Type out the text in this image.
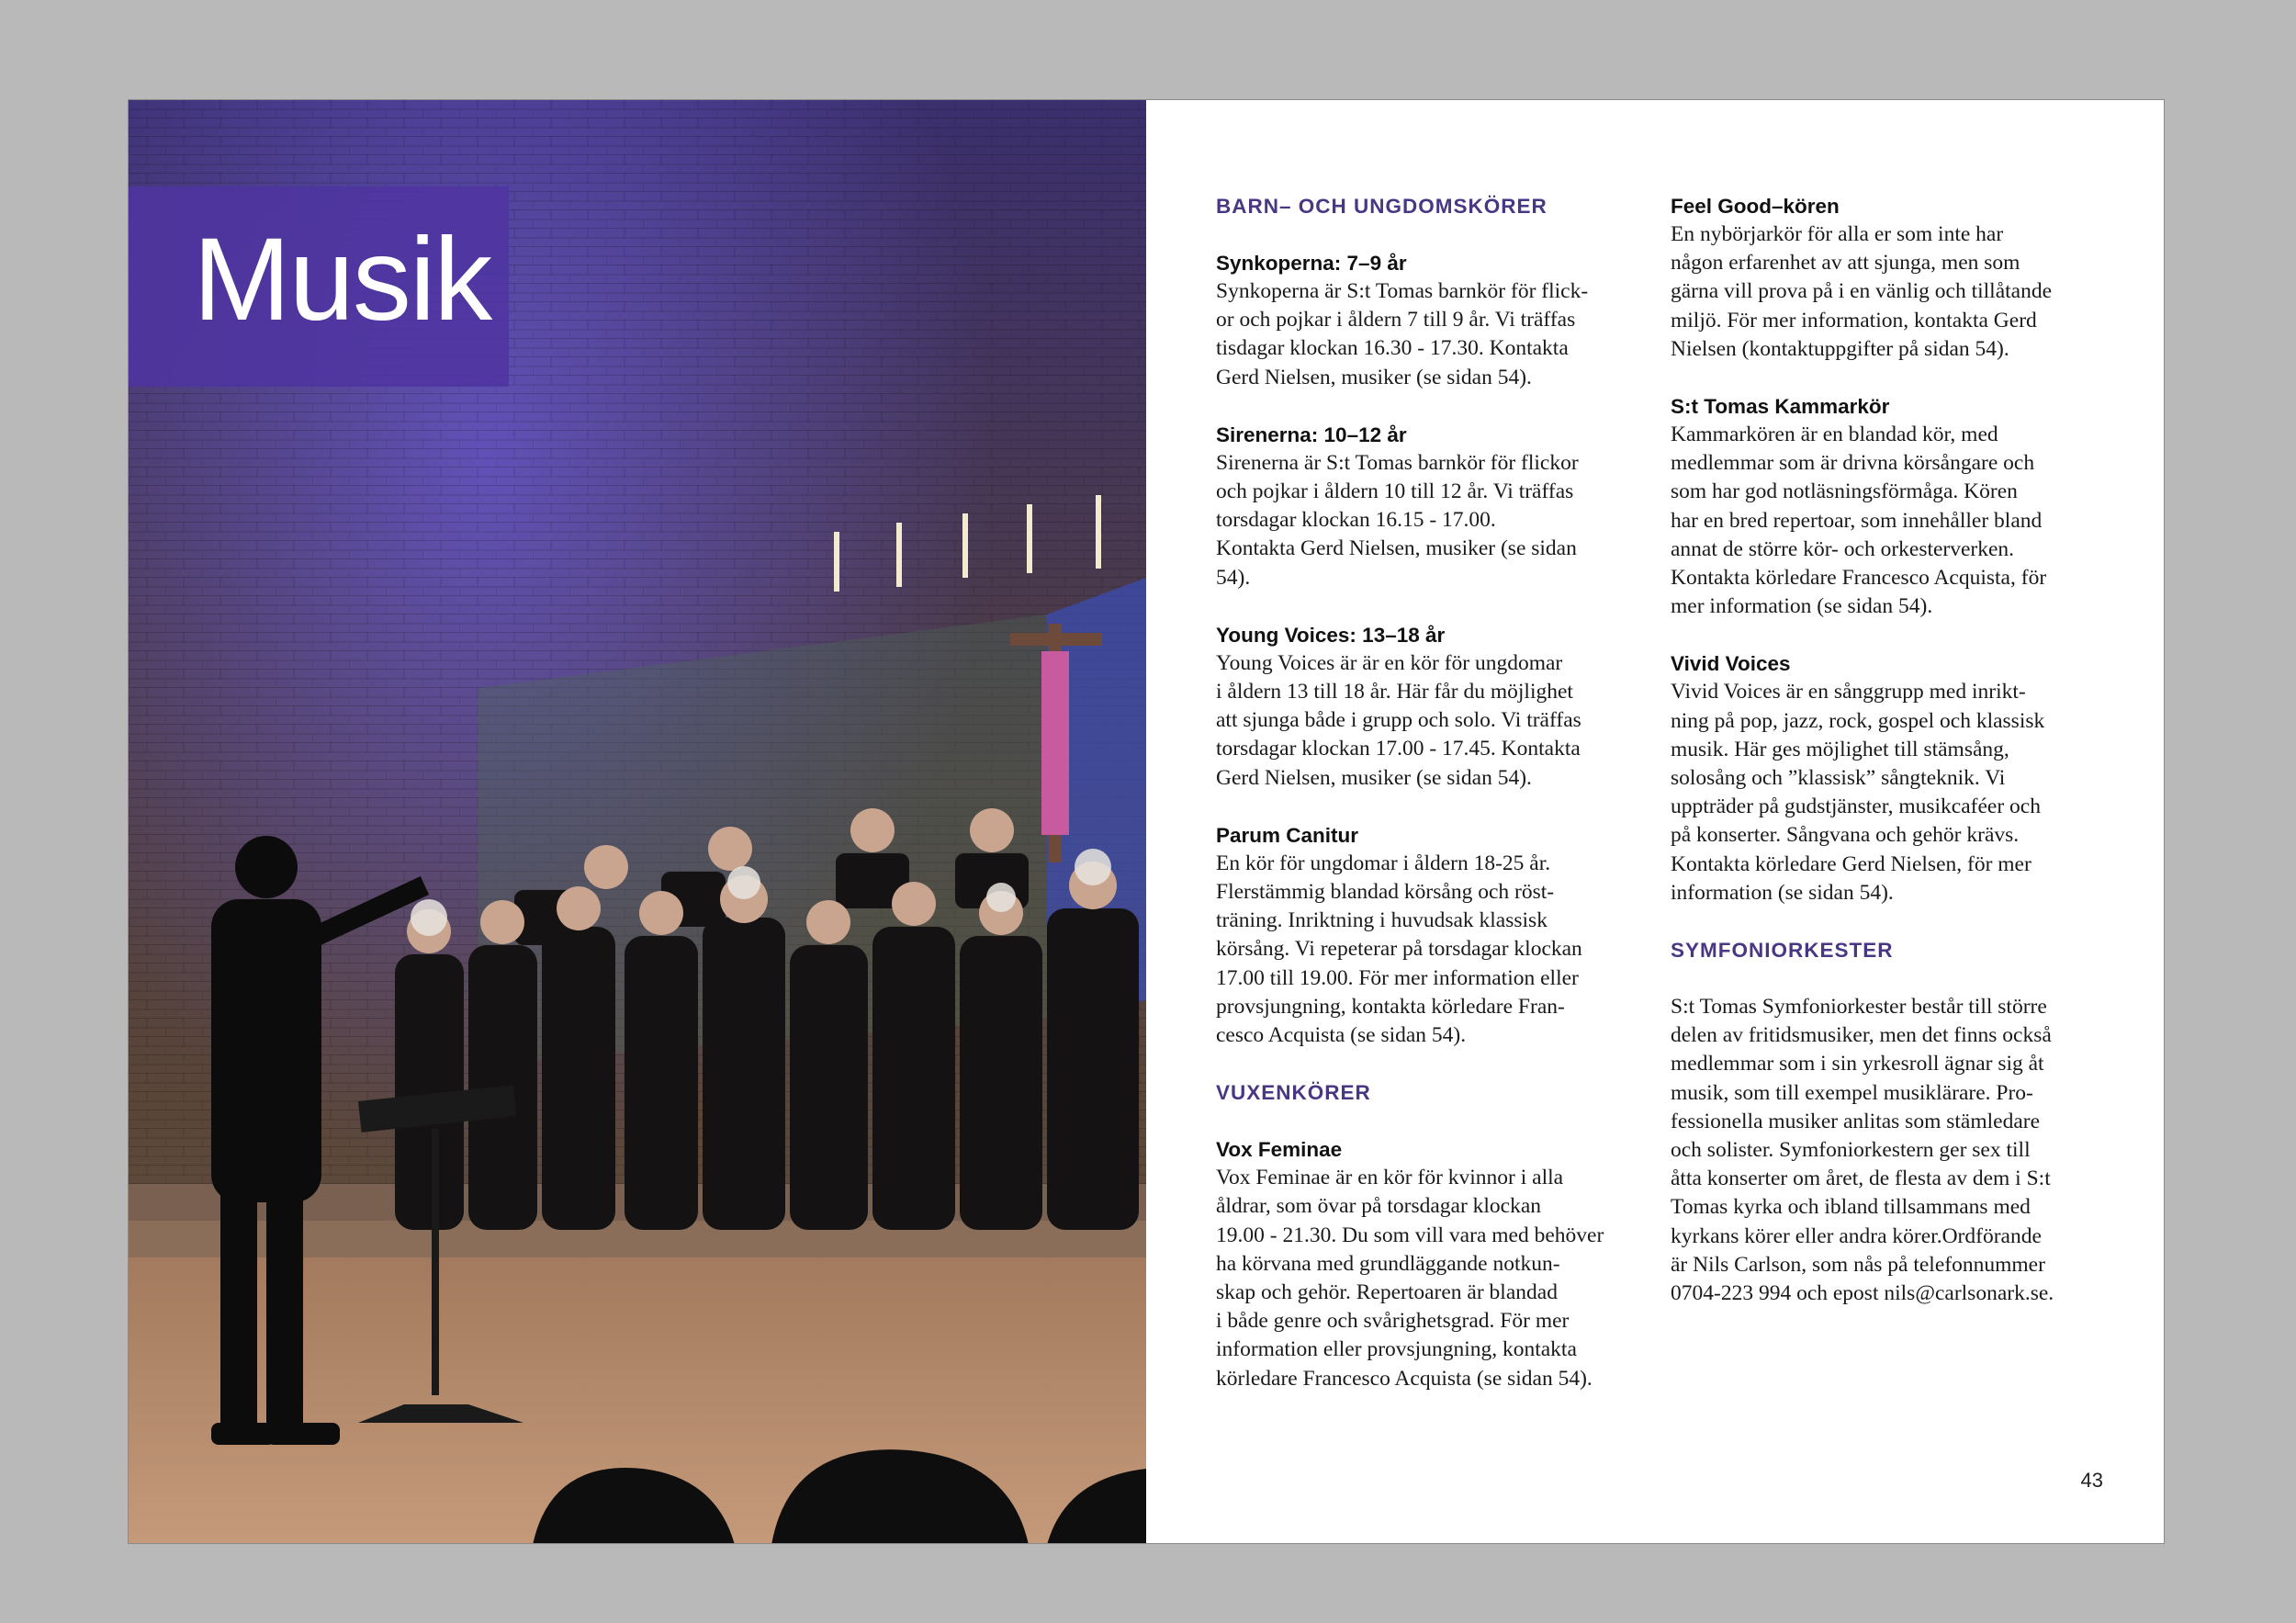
Musik
BARN– OCH UNGDOMSKÖRER
Synkoperna: 7–9 år
Synkoperna är S:t Tomas barnkör för flick-
or och pojkar i åldern 7 till 9 år. Vi träffas
tisdagar klockan 16.30 - 17.30. Kontakta
Gerd Nielsen, musiker (se sidan 54).
Sirenerna: 10–12 år
Sirenerna är S:t Tomas barnkör för flickor
och pojkar i åldern 10 till 12 år. Vi träffas
torsdagar klockan 16.15 - 17.00.
Kontakta Gerd Nielsen, musiker (se sidan
54).
Young Voices: 13–18 år
Young Voices är är en kör för ungdomar
i åldern 13 till 18 år. Här får du möjlighet
att sjunga både i grupp och solo. Vi träffas
torsdagar klockan 17.00 - 17.45. Kontakta
Gerd Nielsen, musiker (se sidan 54).
Parum Canitur
En kör för ungdomar i åldern 18-25 år.
Flerstämmig blandad körsång och röst-
träning. Inriktning i huvudsak klassisk
körsång. Vi repeterar på torsdagar klockan
17.00 till 19.00. För mer information eller
provsjungning, kontakta körledare Fran-
cesco Acquista (se sidan 54).
VUXENKÖRER
Vox Feminae
Vox Feminae är en kör för kvinnor i alla
åldrar, som övar på torsdagar klockan
19.00 - 21.30. Du som vill vara med behöver
ha körvana med grundläggande notkun-
skap och gehör. Repertoaren är blandad
i både genre och svårighetsgrad. För mer
information eller provsjungning, kontakta
körledare Francesco Acquista (se sidan 54).
Feel Good–kören
En nybörjarkör för alla er som inte har
någon erfarenhet av att sjunga, men som
gärna vill prova på i en vänlig och tillåtande
miljö. För mer information, kontakta Gerd
Nielsen (kontaktuppgifter på sidan 54).
S:t Tomas Kammarkör
Kammarkören är en blandad kör, med
medlemmar som är drivna körsångare och
som har god notläsningsförmåga. Kören
har en bred repertoar, som innehåller bland
annat de större kör- och orkesterverken.
Kontakta körledare Francesco Acquista, för
mer information (se sidan 54).
Vivid Voices
Vivid Voices är en sånggrupp med inrikt-
ning på pop, jazz, rock, gospel och klassisk
musik. Här ges möjlighet till stämsång,
solosång och ”klassisk” sångteknik. Vi
uppträder på gudstjänster, musikcaféer och
på konserter. Sångvana och gehör krävs.
Kontakta körledare Gerd Nielsen, för mer
information (se sidan 54).
SYMFONIORKESTER
S:t Tomas Symfoniorkester består till större
delen av fritidsmusiker, men det finns också
medlemmar som i sin yrkesroll ägnar sig åt
musik, som till exempel musiklärare. Pro-
fessionella musiker anlitas som stämledare
och solister. Symfoniorkestern ger sex till
åtta konserter om året, de flesta av dem i S:t
Tomas kyrka och ibland tillsammans med
kyrkans körer eller andra körer.Ordförande
är Nils Carlson, som nås på telefonnummer
0704-223 994 och epost nils@carlsonark.se.
43
